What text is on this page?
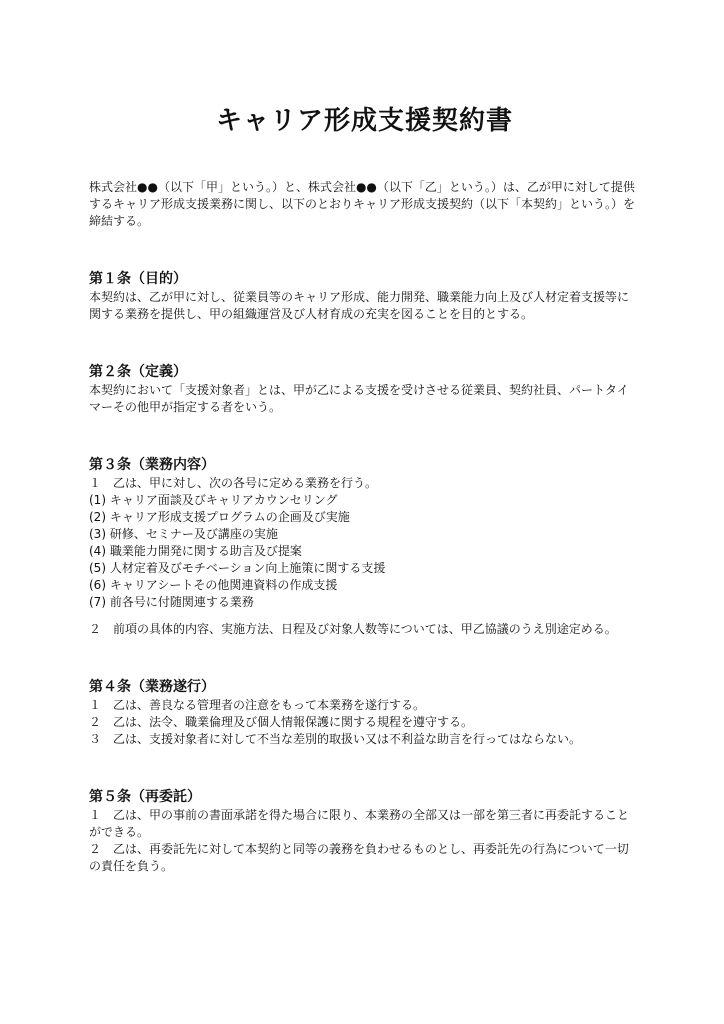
キャリア形成支援契約書

株式会社●●（以下「甲」という。）と、株式会社●●（以下「乙」という。）は、乙が甲に対して提供するキャリア形成支援業務に関し、以下のとおりキャリア形成支援契約（以下「本契約」という。）を締結する。

第１条（目的）

本契約は、乙が甲に対し、従業員等のキャリア形成、能力開発、職業能力向上及び人材定着支援等に関する業務を提供し、甲の組織運営及び人材育成の充実を図ることを目的とする。

第２条（定義）

本契約において「支援対象者」とは、甲が乙による支援を受けさせる従業員、契約社員、パートタイマーその他甲が指定する者をいう。

第３条（業務内容）

１　乙は、甲に対し、次の各号に定める業務を行う。

(1) キャリア面談及びキャリアカウンセリング

(2) キャリア形成支援プログラムの企画及び実施

(3) 研修、セミナー及び講座の実施

(4) 職業能力開発に関する助言及び提案

(5) 人材定着及びモチベーション向上施策に関する支援

(6) キャリアシートその他関連資料の作成支援

(7) 前各号に付随関連する業務

２　前項の具体的内容、実施方法、日程及び対象人数等については、甲乙協議のうえ別途定める。

第４条（業務遂行）

１　乙は、善良なる管理者の注意をもって本業務を遂行する。

２　乙は、法令、職業倫理及び個人情報保護に関する規程を遵守する。

３　乙は、支援対象者に対して不当な差別的取扱い又は不利益な助言を行ってはならない。

第５条（再委託）

１　乙は、甲の事前の書面承諾を得た場合に限り、本業務の全部又は一部を第三者に再委託することができる。

２　乙は、再委託先に対して本契約と同等の義務を負わせるものとし、再委託先の行為について一切の責任を負う。
